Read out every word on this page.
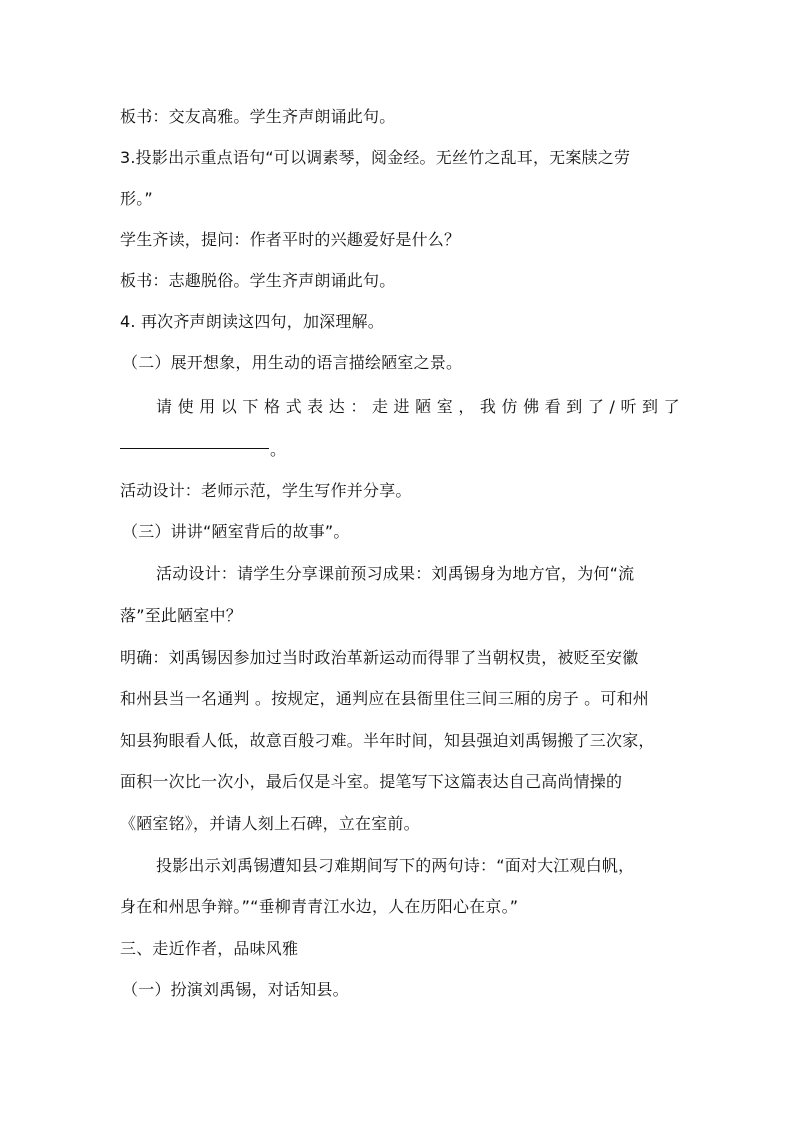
板书：交友高雅。学生齐声朗诵此句。
3.投影出示重点语句“可以调素琴，阅金经。无丝竹之乱耳，无案牍之劳
形。”
学生齐读，提问：作者平时的兴趣爱好是什么？
板书：志趣脱俗。学生齐声朗诵此句。
4. 再次齐声朗读这四句，加深理解。
（二）展开想象，用生动的语言描绘陋室之景。
请 使 用 以 下 格 式 表 达 ： 走 进 陋 室 ， 我 仿 佛 看 到 了 / 听 到 了
。
活动设计：老师示范，学生写作并分享。
（三）讲讲“陋室背后的故事”。
活动设计：请学生分享课前预习成果：刘禹锡身为地方官，为何“流
落”至此陋室中？
明确：刘禹锡因参加过当时政治革新运动而得罪了当朝权贵，被贬至安徽
和州县当一名通判 。按规定，通判应在县衙里住三间三厢的房子 。可和州
知县狗眼看人低，故意百般刁难。半年时间，知县强迫刘禹锡搬了三次家，
面积一次比一次小，最后仅是斗室。提笔写下这篇表达自己高尚情操的
《陋室铭》，并请人刻上石碑，立在室前。
投影出示刘禹锡遭知县刁难期间写下的两句诗：“面对大江观白帆，
身在和州思争辩。”“垂柳青青江水边，人在历阳心在京。”
三、走近作者，品味风雅
（一）扮演刘禹锡，对话知县。
